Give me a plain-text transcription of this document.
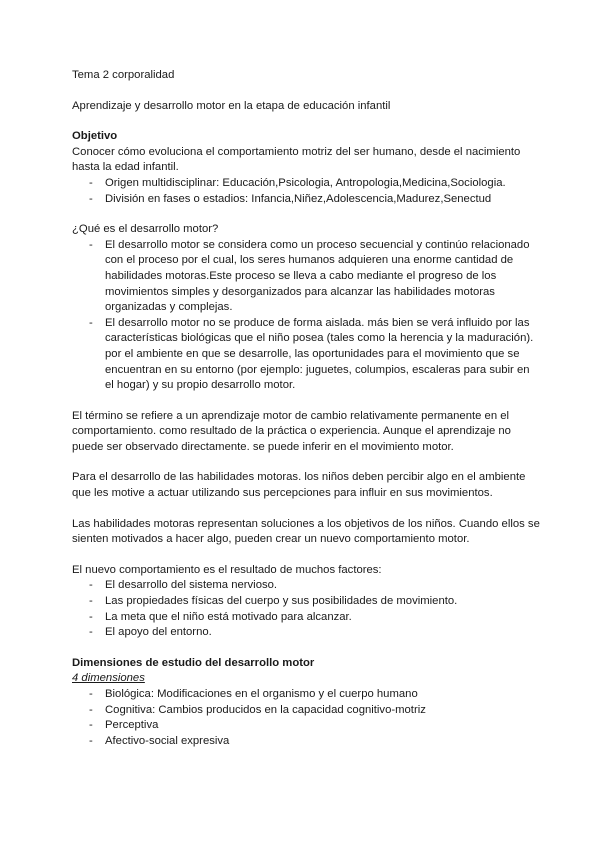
Tema 2 corporalidad

Aprendizaje y desarrollo motor en la etapa de educación infantil

Objetivo

Conocer cómo evoluciona el comportamiento motriz del ser humano, desde el nacimiento hasta la edad infantil.

- Origen multidisciplinar: Educación,Psicologia, Antropologia,Medicina,Sociologia.
- División en fases o estadios: Infancia,Niñez,Adolescencia,Madurez,Senectud

¿Qué es el desarrollo motor?

- El desarrollo motor se considera como un proceso secuencial y continúo relacionado con el proceso por el cual, los seres humanos adquieren una enorme cantidad de habilidades motoras.Este proceso se lleva a cabo mediante el progreso de los movimientos simples y desorganizados para alcanzar las habilidades motoras organizadas y complejas.
- El desarrollo motor no se produce de forma aislada. más bien se verá influido por las características biológicas que el niño posea (tales como la herencia y la maduración). por el ambiente en que se desarrolle, las oportunidades para el movimiento que se encuentran en su entorno (por ejemplo: juguetes, columpios, escaleras para subir en el hogar) y su propio desarrollo motor.

El término se refiere a un aprendizaje motor de cambio relativamente permanente en el comportamiento. como resultado de la práctica o experiencia. Aunque el aprendizaje no puede ser observado directamente. se puede inferir en el movimiento motor.

Para el desarrollo de las habilidades motoras. los niños deben percibir algo en el ambiente que les motive a actuar utilizando sus percepciones para influir en sus movimientos.

Las habilidades motoras representan soluciones a los objetivos de los niños. Cuando ellos se sienten motivados a hacer algo, pueden crear un nuevo comportamiento motor.

El nuevo comportamiento es el resultado de muchos factores:

- El desarrollo del sistema nervioso.
- Las propiedades físicas del cuerpo y sus posibilidades de movimiento.
- La meta que el niño está motivado para alcanzar.
- El apoyo del entorno.

Dimensiones de estudio del desarrollo motor

4 dimensiones

- Biológica: Modificaciones en el organismo y el cuerpo humano
- Cognitiva: Cambios producidos en la capacidad cognitivo-motriz
- Perceptiva
- Afectivo-social expresiva
